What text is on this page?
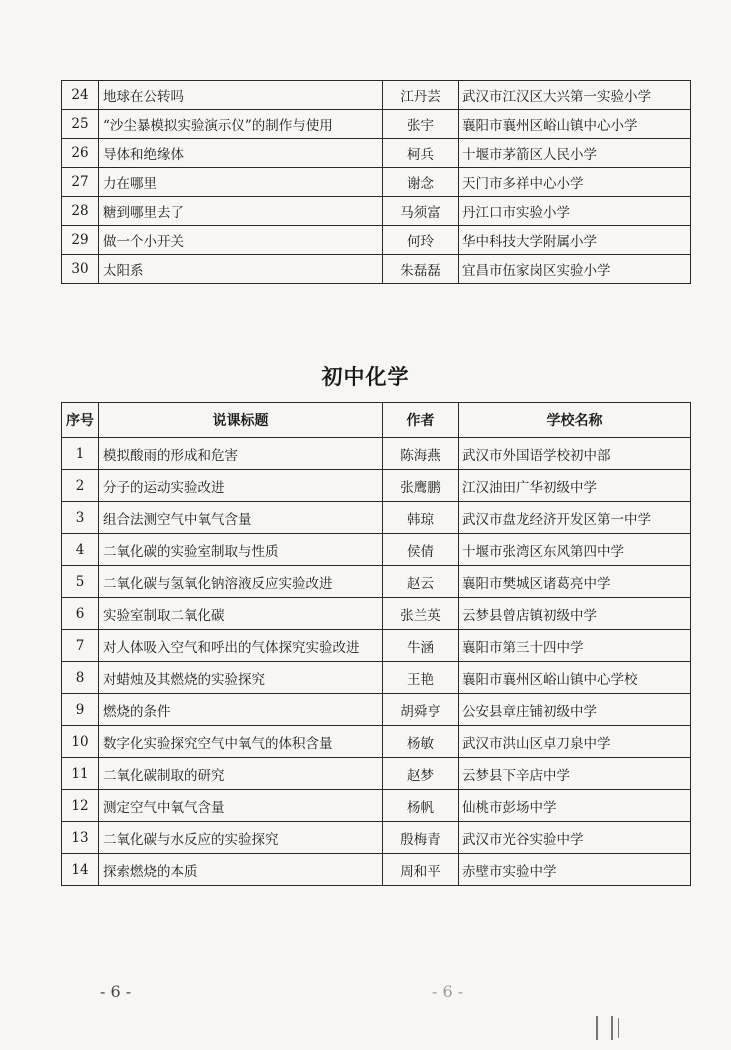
24	地球在公转吗	江丹芸	武汉市江汉区大兴第一实验小学
25	“沙尘暴模拟实验演示仪”的制作与使用	张宇	襄阳市襄州区峪山镇中心小学
26	导体和绝缘体	柯兵	十堰市茅箭区人民小学
27	力在哪里	谢念	天门市多祥中心小学
28	糖到哪里去了	马须富	丹江口市实验小学
29	做一个小开关	何玲	华中科技大学附属小学
30	太阳系	朱磊磊	宜昌市伍家岗区实验小学
初中化学
序号	说课标题	作者	学校名称
1	模拟酸雨的形成和危害	陈海燕	武汉市外国语学校初中部
2	分子的运动实验改进	张鹰鹏	江汉油田广华初级中学
3	组合法测空气中氧气含量	韩琼	武汉市盘龙经济开发区第一中学
4	二氧化碳的实验室制取与性质	侯倩	十堰市张湾区东风第四中学
5	二氧化碳与氢氧化钠溶液反应实验改进	赵云	襄阳市樊城区诸葛亮中学
6	实验室制取二氧化碳	张兰英	云梦县曾店镇初级中学
7	对人体吸入空气和呼出的气体探究实验改进	牛涵	襄阳市第三十四中学
8	对蜡烛及其燃烧的实验探究	王艳	襄阳市襄州区峪山镇中心学校
9	燃烧的条件	胡舜亨	公安县章庄铺初级中学
10	数字化实验探究空气中氧气的体积含量	杨敏	武汉市洪山区卓刀泉中学
11	二氧化碳制取的研究	赵梦	云梦县下辛店中学
12	测定空气中氧气含量	杨帆	仙桃市彭场中学
13	二氧化碳与水反应的实验探究	殷梅青	武汉市光谷实验中学
14	探索燃烧的本质	周和平	赤壁市实验中学
- 6 -	- 6 -
